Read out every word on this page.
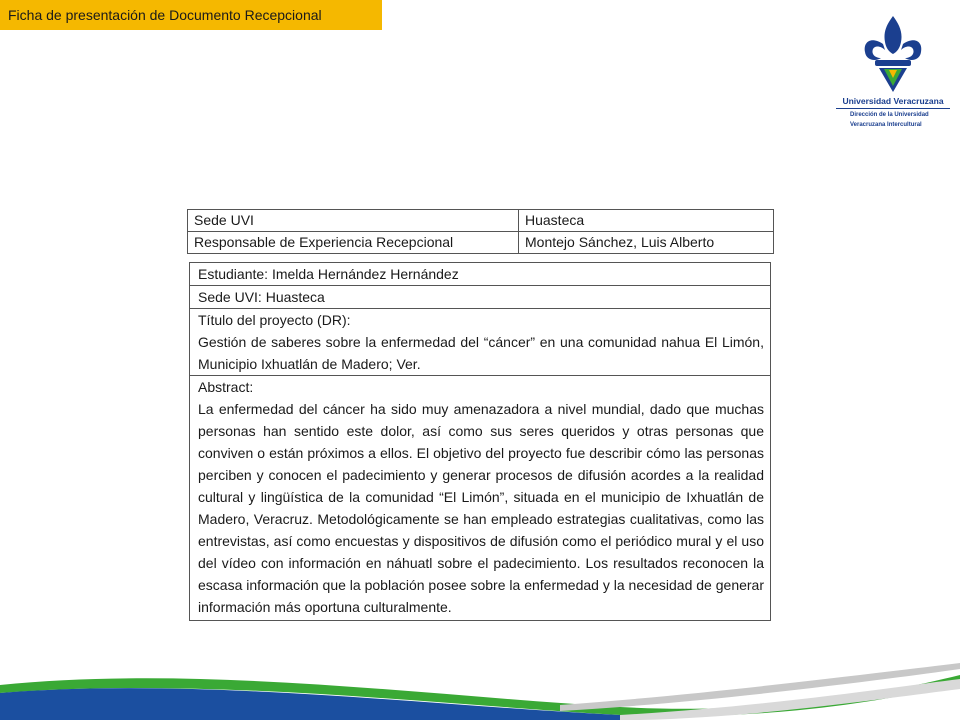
Ficha de presentación de Documento Recepcional
Universidad Veracruzana
Dirección de la Universidad
Veracruzana Intercultural
Sede UVI	Huasteca
Responsable de Experiencia Recepcional	Montejo Sánchez, Luis Alberto
Estudiante: Imelda Hernández Hernández
Sede UVI: Huasteca

Título del proyecto (DR):
Gestión de saberes sobre la enfermedad del “cáncer” en una comunidad nahua El Limón, Municipio Ixhuatlán de Madero; Ver.

Abstract:
La enfermedad del cáncer ha sido muy amenazadora a nivel mundial, dado que muchas personas han sentido este dolor, así como sus seres queridos y otras personas que conviven o están próximos a ellos. El objetivo del proyecto fue describir cómo las personas perciben y conocen el padecimiento y generar procesos de difusión acordes a la realidad cultural y lingüística de la comunidad “El Limón”, situada en el municipio de Ixhuatlán de Madero, Veracruz. Metodológicamente se han empleado estrategias cualitativas, como las entrevistas, así como encuestas y dispositivos de difusión como el periódico mural y el uso del vídeo con información en náhuatl sobre el padecimiento. Los resultados reconocen la escasa información que la población posee sobre la enfermedad y la necesidad de generar información más oportuna culturalmente.
